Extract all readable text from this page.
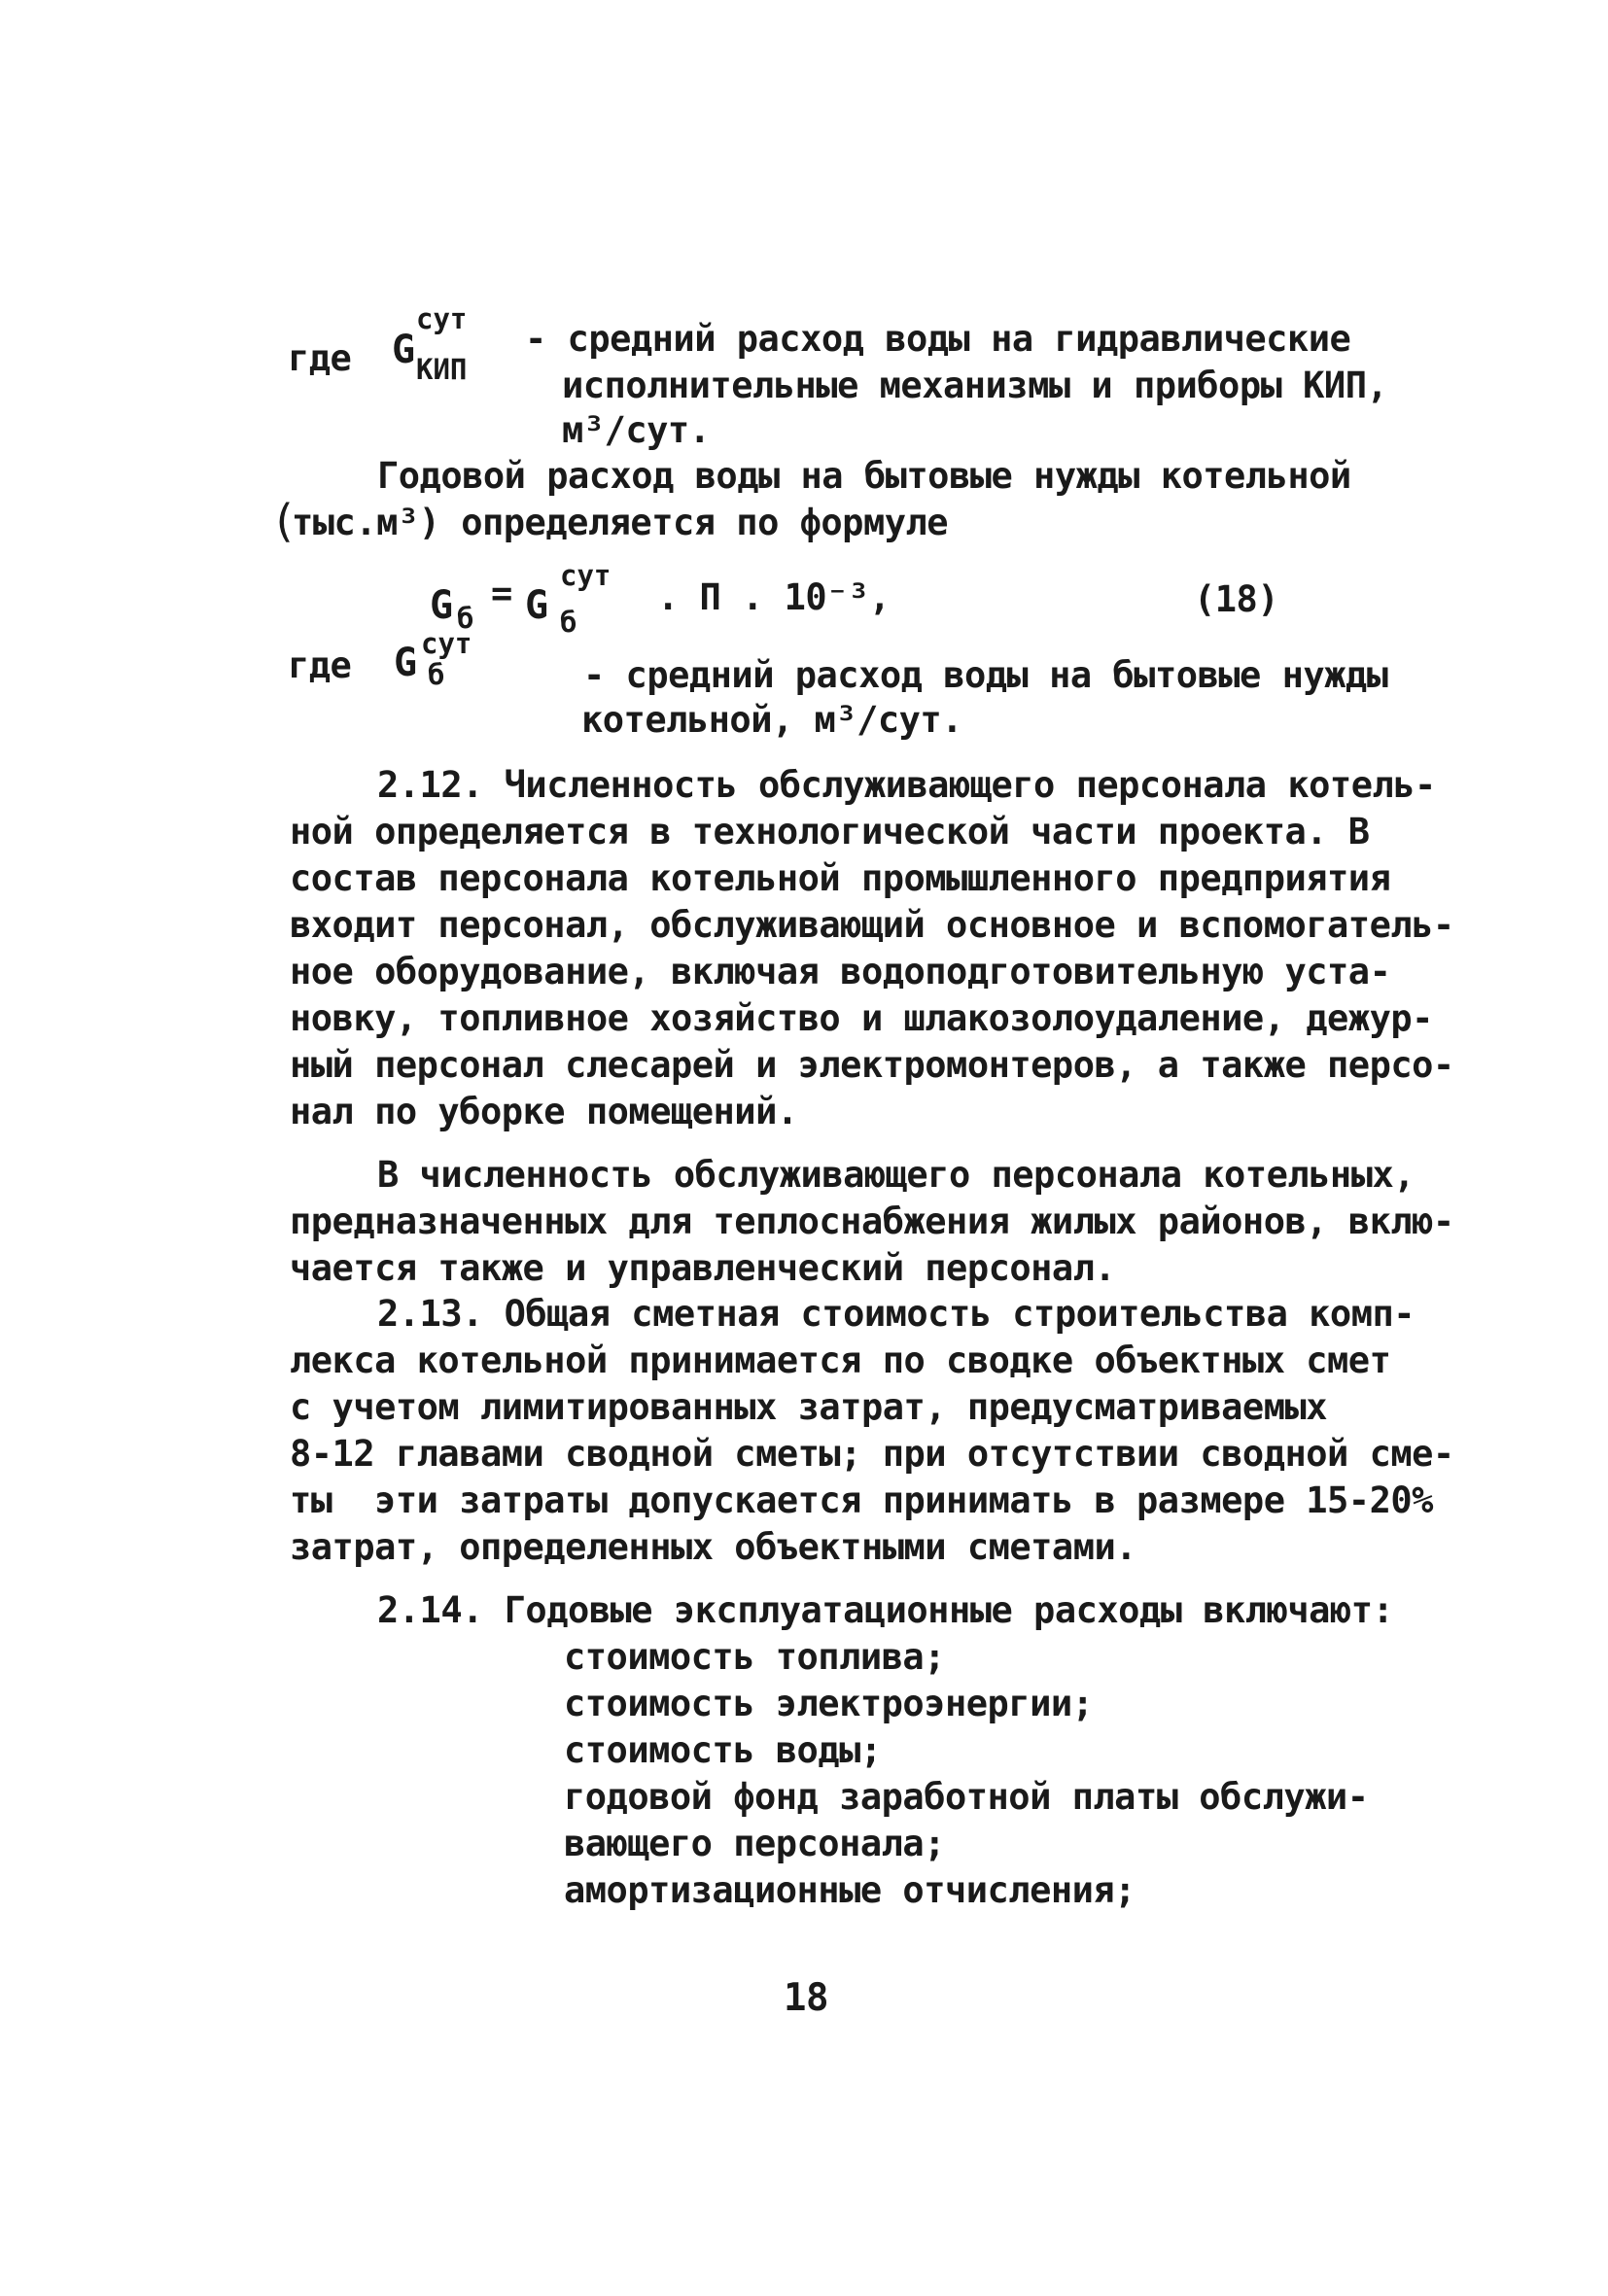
где G
сут
КИП
- средний расход воды на гидравлические
исполнительные механизмы и приборы КИП,
м³/сут.
Годовой расход воды на бытовые нужды котельной
(
тыс.м³) определяется по формуле
G б
= G
сут
б
. П . 10⁻³,	(18)
где G сут
б	- средний расход воды на бытовые нужды
котельной, м³/сут.
2.12. Численность обслуживающего персонала котель-
ной определяется в технологической части проекта. В
состав персонала котельной промышленного предприятия
входит персонал, обслуживающий основное и вспомогатель-
ное оборудование, включая водоподготовительную уста-
новку, топливное хозяйство и шлакозолоудаление, дежур-
ный персонал слесарей и электромонтеров, а также персо-
нал по уборке помещений.
В численность обслуживающего персонала котельных,
предназначенных для теплоснабжения жилых районов, вклю-
чается также и управленческий персонал.
2.13. Общая сметная стоимость строительства комп-
лекса котельной принимается по сводке объектных смет
с учетом лимитированных затрат, предусматриваемых
8-12 главами сводной сметы; при отсутствии сводной сме-
ты  эти затраты допускается принимать в размере 15-20%
затрат, определенных объектными сметами.
2.14. Годовые эксплуатационные расходы включают:
стоимость топлива;
стоимость электроэнергии;
стоимость воды;
годовой фонд заработной платы обслужи-
вающего персонала;
амортизационные отчисления;
18
